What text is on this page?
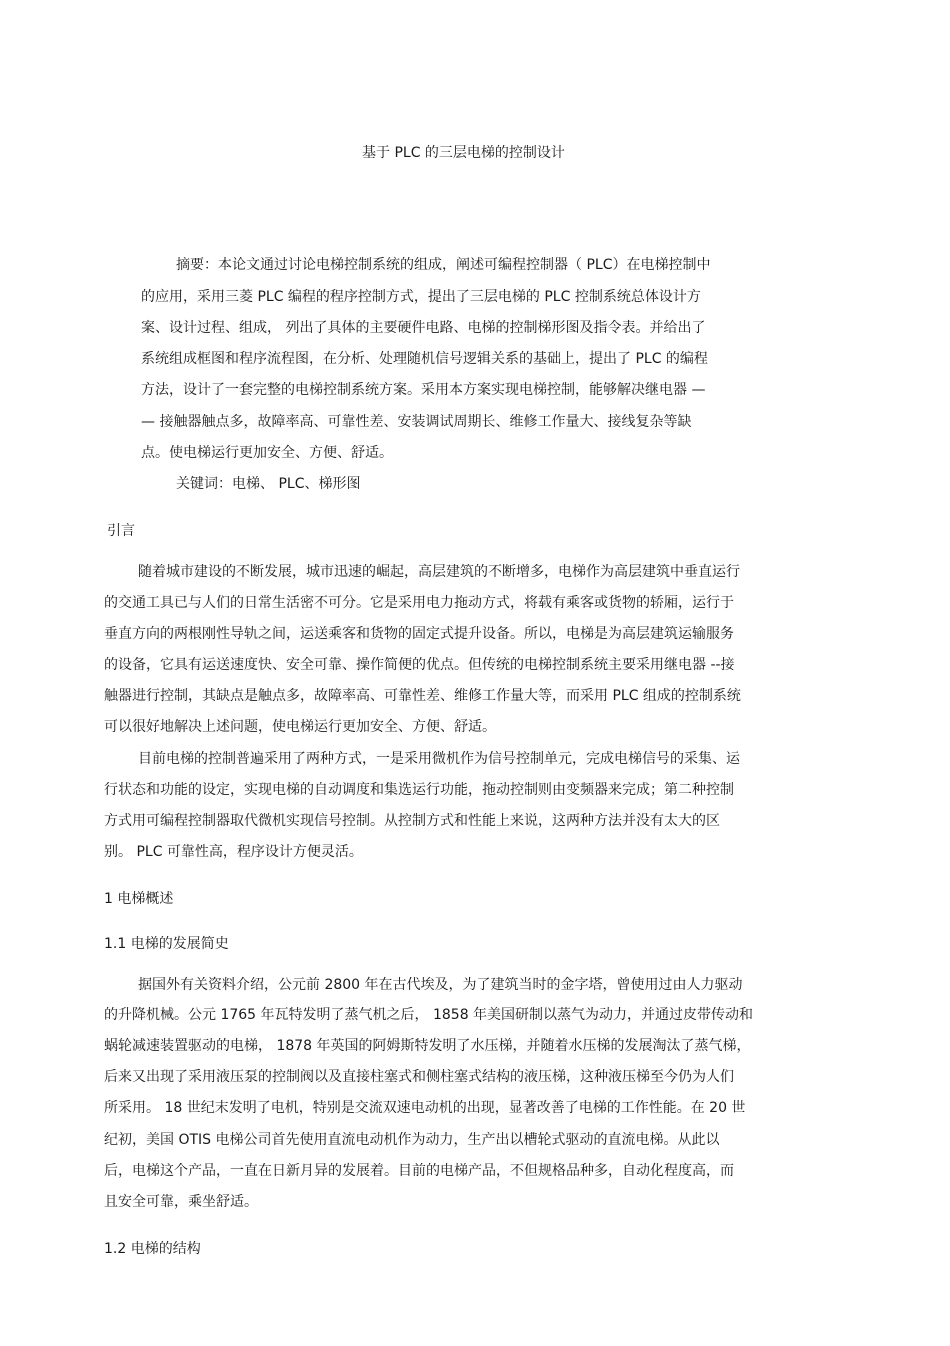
基于 PLC 的三层电梯的控制设计

摘要：本论文通过讨论电梯控制系统的组成，阐述可编程控制器（ PLC）在电梯控制中

的应用，采用三菱 PLC 编程的程序控制方式，提出了三层电梯的 PLC 控制系统总体设计方

案、设计过程、组成， 列出了具体的主要硬件电路、电梯的控制梯形图及指令表。并给出了

系统组成框图和程序流程图，在分析、处理随机信号逻辑关系的基础上，提出了 PLC 的编程

方法，设计了一套完整的电梯控制系统方案。采用本方案实现电梯控制，能够解决继电器 —

— 接触器触点多，故障率高、可靠性差、安装调试周期长、维修工作量大、接线复杂等缺

点。使电梯运行更加安全、方便、舒适。

关键词：电梯、 PLC、梯形图

引言

随着城市建设的不断发展，城市迅速的崛起，高层建筑的不断增多，电梯作为高层建筑中垂直运行

的交通工具已与人们的日常生活密不可分。它是采用电力拖动方式，将载有乘客或货物的轿厢，运行于

垂直方向的两根刚性导轨之间，运送乘客和货物的固定式提升设备。所以，电梯是为高层建筑运输服务

的设备，它具有运送速度快、安全可靠、操作简便的优点。但传统的电梯控制系统主要采用继电器 --接

触器进行控制，其缺点是触点多，故障率高、可靠性差、维修工作量大等，而采用 PLC 组成的控制系统

可以很好地解决上述问题，使电梯运行更加安全、方便、舒适。

目前电梯的控制普遍采用了两种方式，一是采用微机作为信号控制单元，完成电梯信号的采集、运

行状态和功能的设定，实现电梯的自动调度和集选运行功能，拖动控制则由变频器来完成；第二种控制

方式用可编程控制器取代微机实现信号控制。从控制方式和性能上来说，这两种方法并没有太大的区

别。 PLC 可靠性高，程序设计方便灵活。

1 电梯概述

1.1 电梯的发展简史

据国外有关资料介绍，公元前 2800 年在古代埃及，为了建筑当时的金字塔，曾使用过由人力驱动

的升降机械。公元 1765 年瓦特发明了蒸气机之后， 1858 年美国研制以蒸气为动力，并通过皮带传动和

蜗轮减速装置驱动的电梯， 1878 年英国的阿姆斯特发明了水压梯，并随着水压梯的发展淘汰了蒸气梯，

后来又出现了采用液压泵的控制阀以及直接柱塞式和侧柱塞式结构的液压梯，这种液压梯至今仍为人们

所采用。 18 世纪末发明了电机，特别是交流双速电动机的出现，显著改善了电梯的工作性能。在 20 世

纪初，美国 OTIS 电梯公司首先使用直流电动机作为动力，生产出以槽轮式驱动的直流电梯。从此以

后，电梯这个产品，一直在日新月异的发展着。目前的电梯产品，不但规格品种多，自动化程度高，而

且安全可靠，乘坐舒适。

1.2 电梯的结构
